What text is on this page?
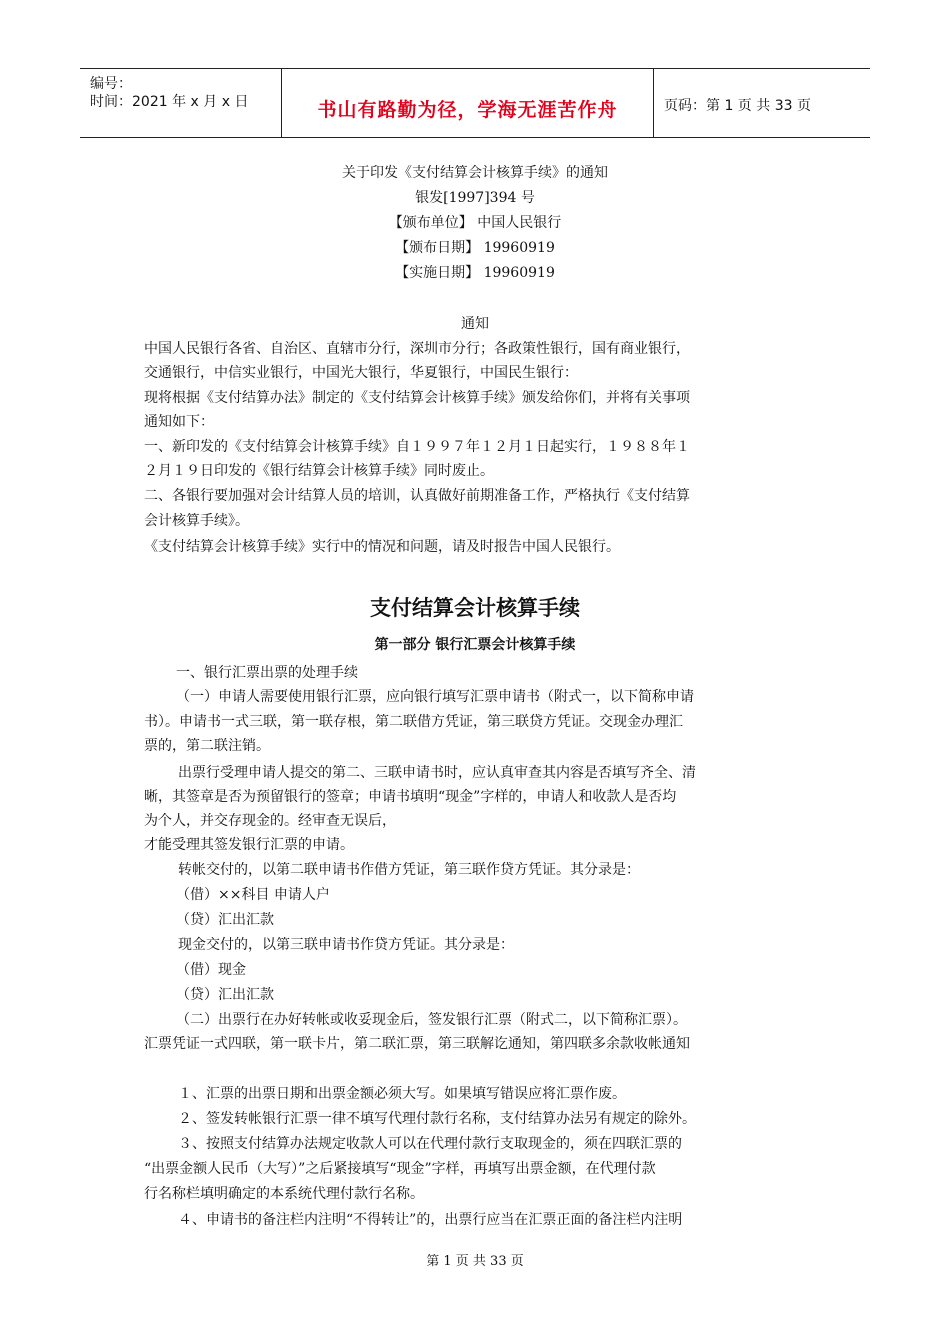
编号：
时间：2021 年 x 月 x 日	书山有路勤为径，学海无涯苦作舟	页码：第 1 页 共 33 页
关于印发《支付结算会计核算手续》的通知
银发[1997]394 号
【颁布单位】 中国人民银行
【颁布日期】 19960919
【实施日期】 19960919
通知
中国人民银行各省、自治区、直辖市分行，深圳市分行；各政策性银行，国有商业银行，
交通银行，中信实业银行，中国光大银行，华夏银行，中国民生银行：
现将根据《支付结算办法》制定的《支付结算会计核算手续》颁发给你们，并将有关事项
通知如下：
一、新印发的《支付结算会计核算手续》自１９９７年１２月１日起实行，１９８８年１
２月１９日印发的《银行结算会计核算手续》同时废止。
二、各银行要加强对会计结算人员的培训，认真做好前期准备工作，严格执行《支付结算
会计核算手续》。
《支付结算会计核算手续》实行中的情况和问题，请及时报告中国人民银行。
支付结算会计核算手续
第一部分 银行汇票会计核算手续
一、银行汇票出票的处理手续
（一）申请人需要使用银行汇票，应向银行填写汇票申请书（附式一，以下简称申请
书）。申请书一式三联，第一联存根，第二联借方凭证，第三联贷方凭证。交现金办理汇
票的，第二联注销。
出票行受理申请人提交的第二、三联申请书时，应认真审查其内容是否填写齐全、清
晰，其签章是否为预留银行的签章；申请书填明“现金”字样的，申请人和收款人是否均
为个人，并交存现金的。经审查无误后，
才能受理其签发银行汇票的申请。
转帐交付的，以第二联申请书作借方凭证，第三联作贷方凭证。其分录是：
（借）××科目 申请人户
（贷）汇出汇款
现金交付的，以第三联申请书作贷方凭证。其分录是：
（借）现金
（贷）汇出汇款
（二）出票行在办好转帐或收妥现金后，签发银行汇票（附式二，以下简称汇票）。
汇票凭证一式四联，第一联卡片，第二联汇票，第三联解讫通知，第四联多余款收帐通知
１、汇票的出票日期和出票金额必须大写。如果填写错误应将汇票作废。
２、签发转帐银行汇票一律不填写代理付款行名称，支付结算办法另有规定的除外。
３、按照支付结算办法规定收款人可以在代理付款行支取现金的，须在四联汇票的
“出票金额人民币（大写）”之后紧接填写“现金”字样，再填写出票金额，在代理付款
行名称栏填明确定的本系统代理付款行名称。
４、申请书的备注栏内注明“不得转让”的，出票行应当在汇票正面的备注栏内注明
第 1 页 共 33 页
